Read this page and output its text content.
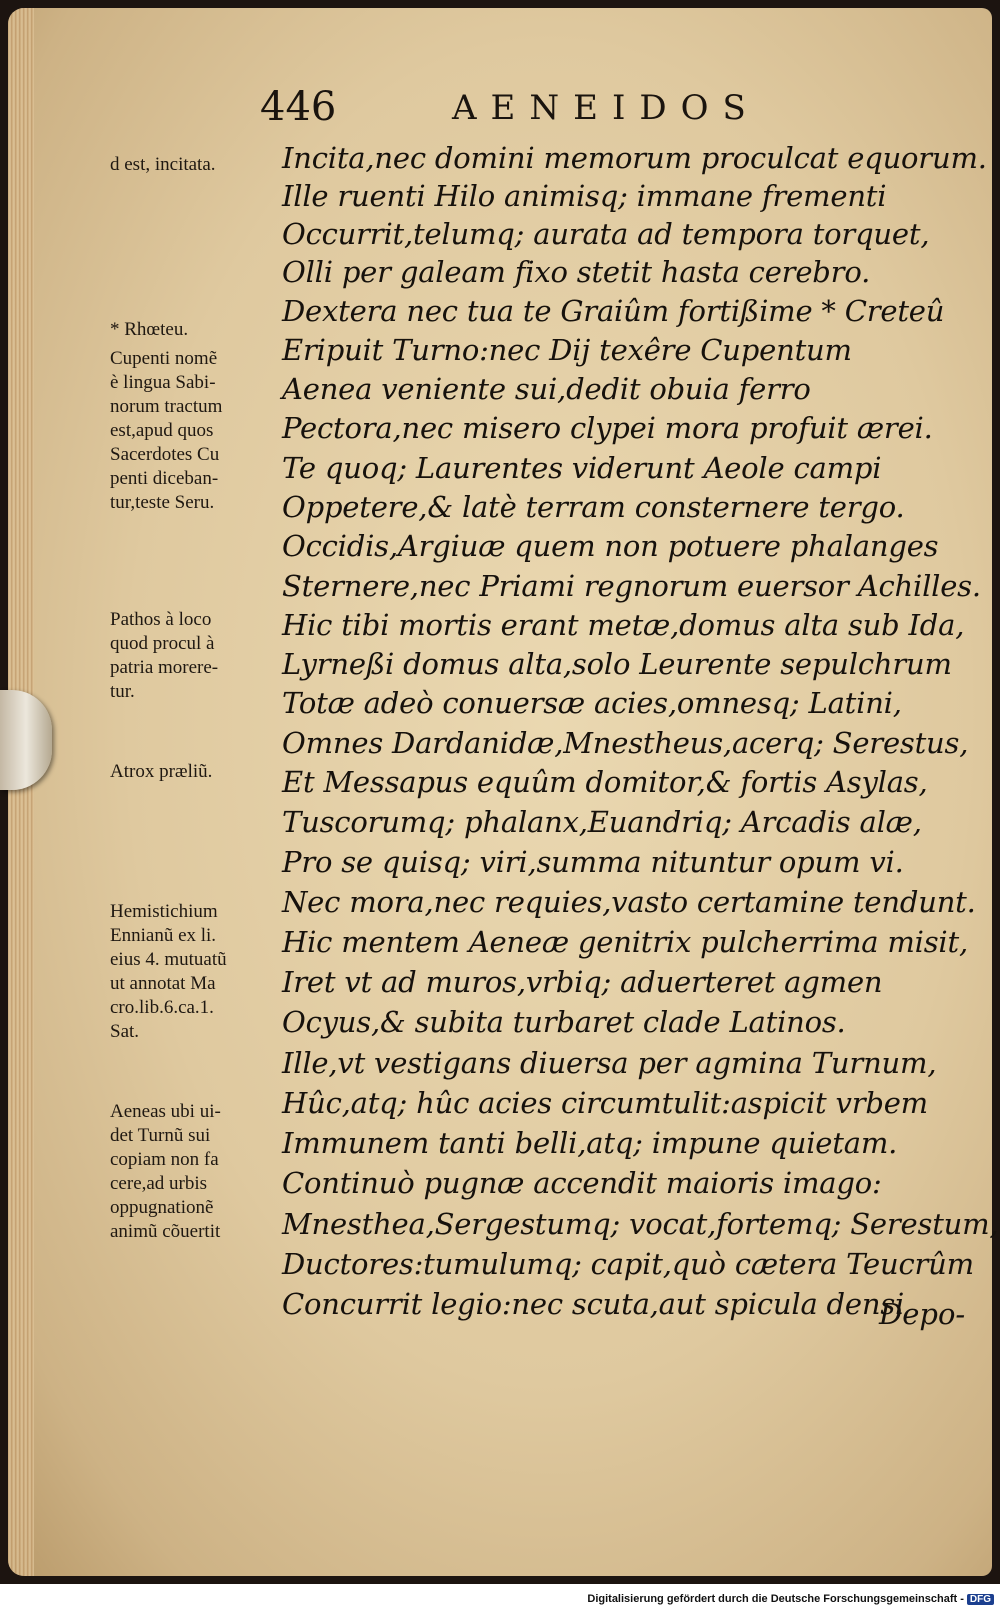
446	AENEIDOS
Incita,nec domini memorum proculcat equorum.
Ille ruenti Hilo animisq; immane frementi
Occurrit,telumq; aurata ad tempora torquet,
Olli per galeam fixo stetit hasta cerebro.
Dextera nec tua te Graiûm fortißime * Creteû
Eripuit Turno:nec Dij texêre Cupentum
Aenea veniente sui,dedit obuia ferro
Pectora,nec misero clypei mora profuit ærei.
Te quoq; Laurentes viderunt Aeole campi
Oppetere,& latè terram consternere tergo.
Occidis,Argiuæ quem non potuere phalanges
Sternere,nec Priami regnorum euersor Achilles.
Hic tibi mortis erant metæ,domus alta sub Ida,
Lyrneßi domus alta,solo Leurente sepulchrum
Totæ adeò conuersæ acies,omnesq; Latini,
Omnes Dardanidæ,Mnestheus,acerq; Serestus,
Et Messapus equûm domitor,& fortis Asylas,
Tuscorumq; phalanx,Euandriq; Arcadis alæ,
Pro se quisq; viri,summa nituntur opum vi.
Nec mora,nec requies,vasto certamine tendunt.
Hic mentem Aeneæ genitrix pulcherrima misit,
Iret vt ad muros,vrbiq; aduerteret agmen
Ocyus,& subita turbaret clade Latinos.
Ille,vt vestigans diuersa per agmina Turnum,
Hûc,atq; hûc acies circumtulit:aspicit vrbem
Immunem tanti belli,atq; impune quietam.
Continuò pugnæ accendit maioris imago:
Mnesthea,Sergestumq; vocat,fortemq; Serestum,
Ductores:tumulumq; capit,quò cætera Teucrûm
Concurrit legio:nec scuta,aut spicula densi
Depo-
d est, incitata.
* Rhœteu.
Cupenti nomẽ
è lingua Sabi-
norum tractum
est,apud quos
Sacerdotes Cu
penti diceban-
tur,teste Seru.
Pathos à loco
quod procul à
patria morere-
tur.
Atrox præliũ.
Hemistichium
Ennianũ ex li.
eius 4. mutuatũ
ut annotat Ma
cro.lib.6.ca.1.
Sat.
Aeneas ubi ui-
det Turnũ sui
copiam non fa
cere,ad urbis
oppugnationẽ
animũ cõuertit
Digitalisierung gefördert durch die Deutsche Forschungsgemeinschaft - DFG
